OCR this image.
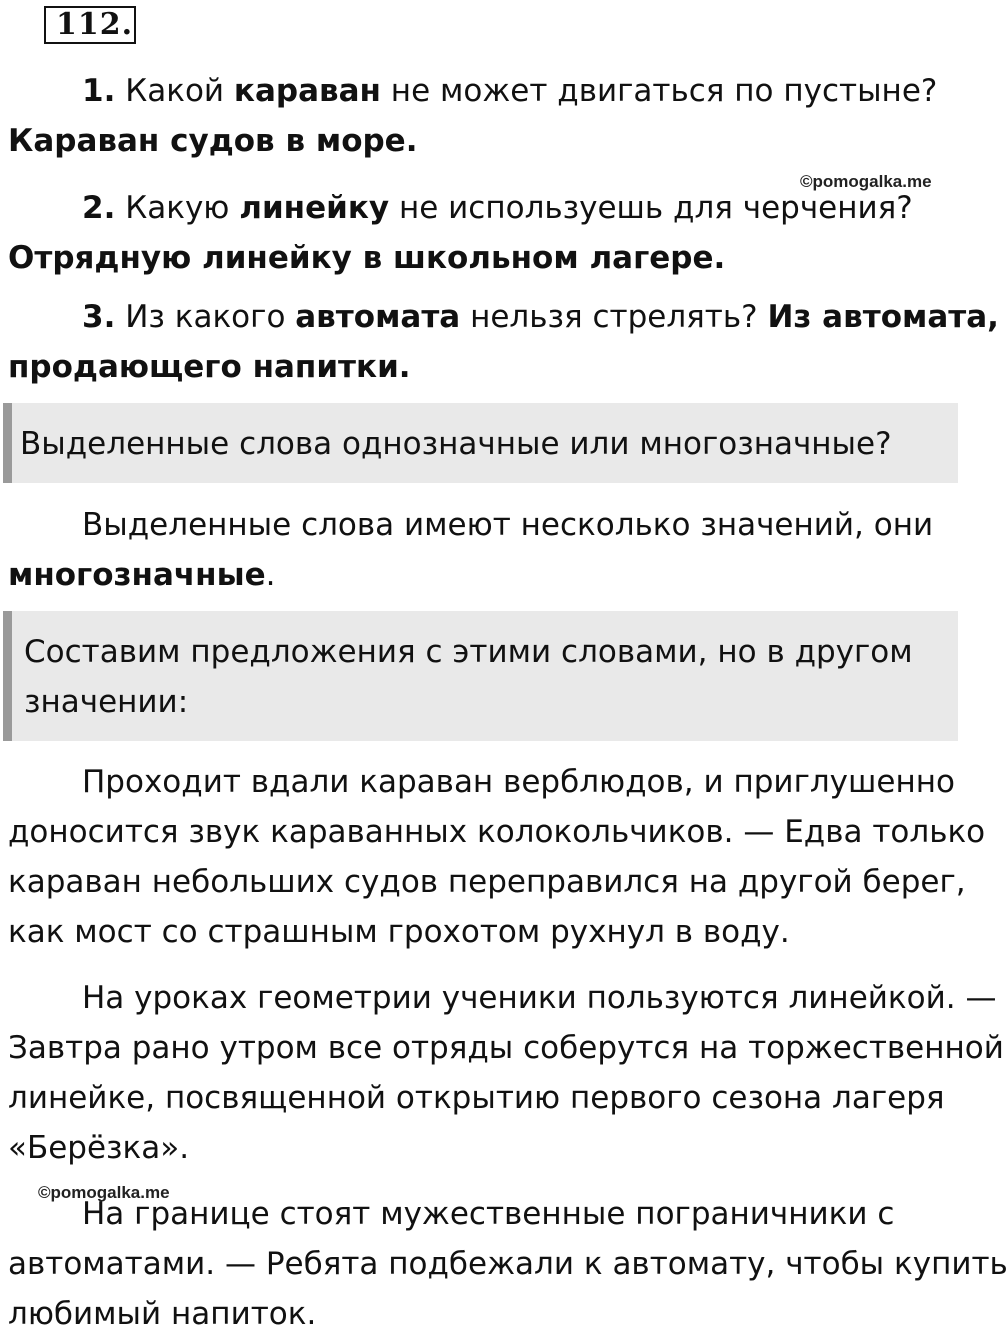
112.
1. Какой караван не может двигаться по пустыне?
Караван судов в море.
©pomogalka.me
2. Какую линейку не используешь для черчения?
Отрядную линейку в школьном лагере.
3. Из какого автомата нельзя стрелять? Из автомата,
продающего напитки.
Выделенные слова однозначные или многозначные?
Выделенные слова имеют несколько значений, они
многозначные.
Составим предложения с этими словами, но в другом
значении:
Проходит вдали караван верблюдов, и приглушенно
доносится звук караванных колокольчиков. — Едва только
караван небольших судов переправился на другой берег,
как мост со страшным грохотом рухнул в воду.
На уроках геометрии ученики пользуются линейкой. —
Завтра рано утром все отряды соберутся на торжественной
линейке, посвященной открытию первого сезона лагеря
«Берёзка».
©pomogalka.me
На границе стоят мужественные пограничники с
автоматами. — Ребята подбежали к автомату, чтобы купить
любимый напиток.
